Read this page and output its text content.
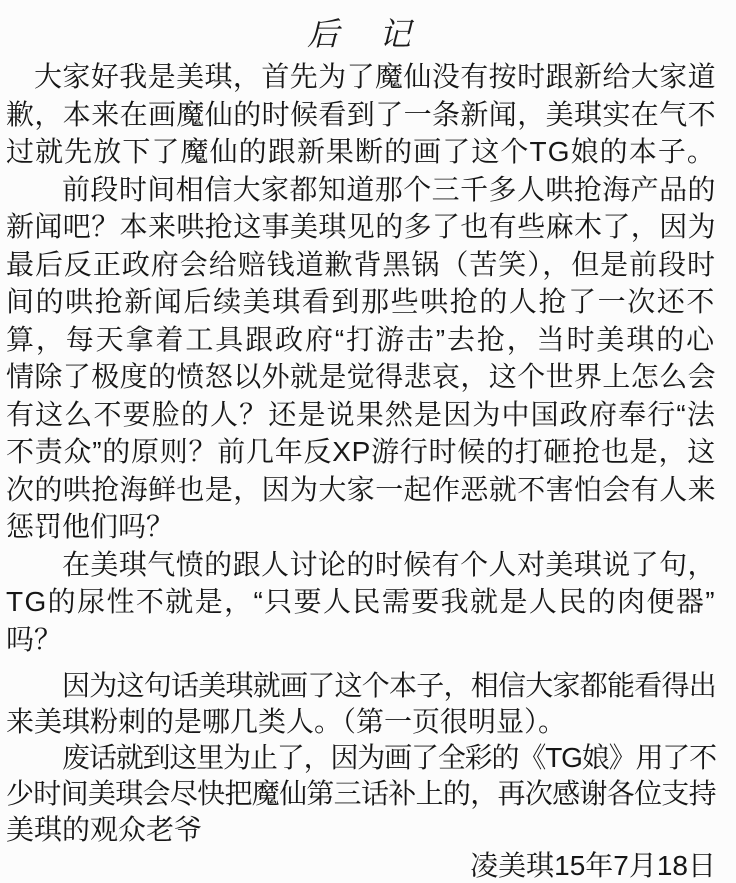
后　记
大家好我是美琪，首先为了魔仙没有按时跟新给大家道
歉，本来在画魔仙的时候看到了一条新闻，美琪实在气不
过就先放下了魔仙的跟新果断的画了这个TG娘的本子。
前段时间相信大家都知道那个三千多人哄抢海产品的
新闻吧？本来哄抢这事美琪见的多了也有些麻木了，因为
最后反正政府会给赔钱道歉背黑锅（苦笑），但是前段时
间的哄抢新闻后续美琪看到那些哄抢的人抢了一次还不
算，每天拿着工具跟政府“打游击”去抢，当时美琪的心
情除了极度的愤怒以外就是觉得悲哀，这个世界上怎么会
有这么不要脸的人？还是说果然是因为中国政府奉行“法
不责众”的原则？前几年反XP游行时候的打砸抢也是，这
次的哄抢海鲜也是，因为大家一起作恶就不害怕会有人来
惩罚他们吗？
在美琪气愤的跟人讨论的时候有个人对美琪说了句，
TG的尿性不就是，“只要人民需要我就是人民的肉便器”
吗？
因为这句话美琪就画了这个本子，相信大家都能看得出
来美琪粉刺的是哪几类人。（第一页很明显）。
废话就到这里为止了，因为画了全彩的《TG娘》用了不
少时间美琪会尽快把魔仙第三话补上的，再次感谢各位支持
美琪的观众老爷
凌美琪15年7月18日
